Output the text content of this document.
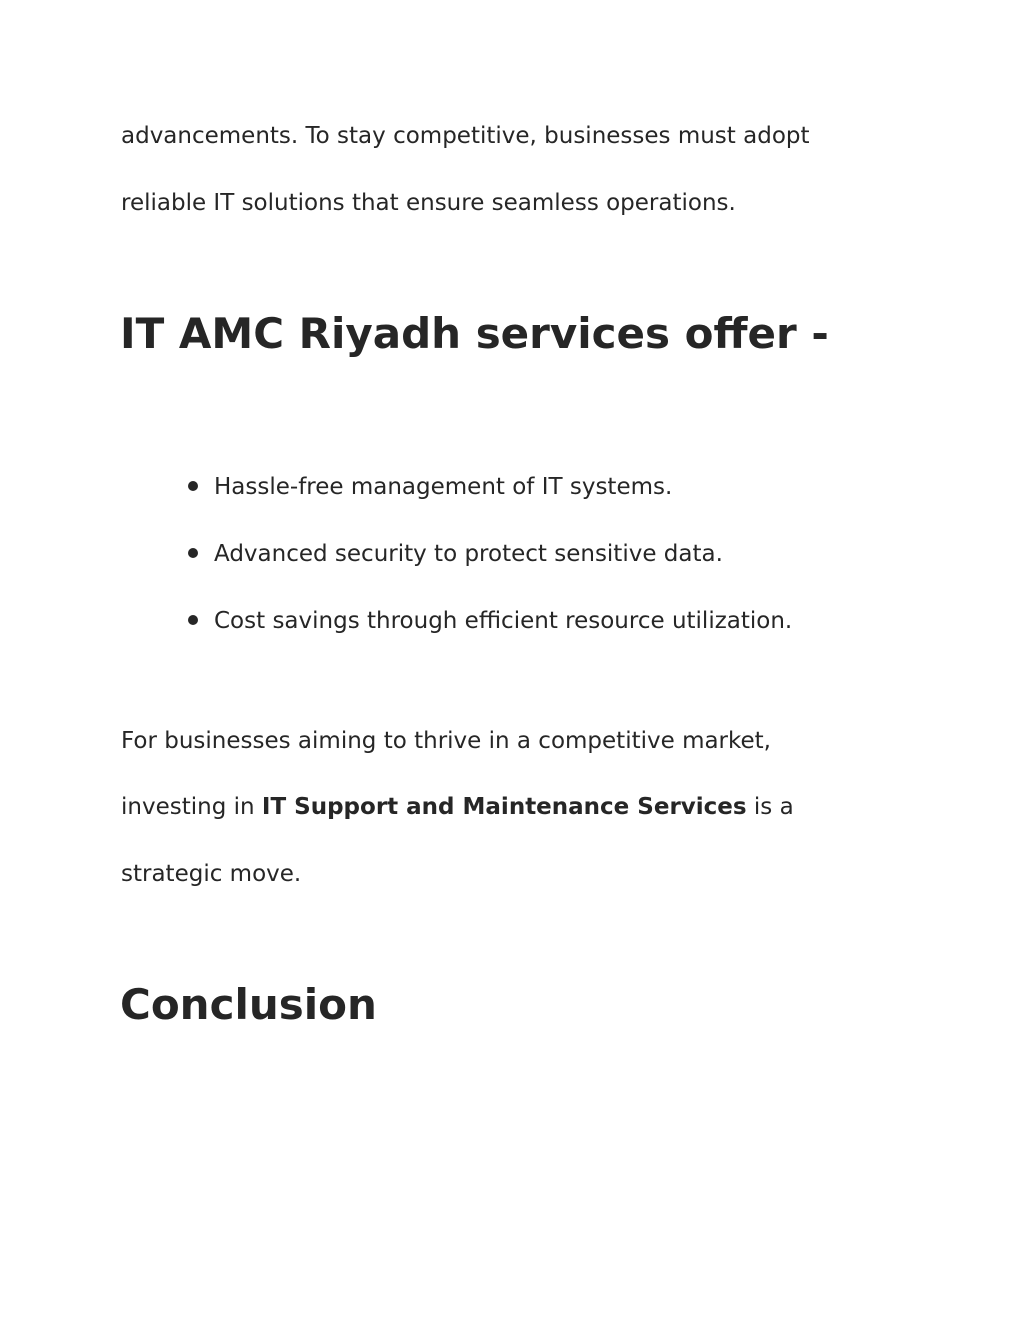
advancements. To stay competitive, businesses must adopt
reliable IT solutions that ensure seamless operations.
IT AMC Riyadh services offer -
Hassle-free management of IT systems.
Advanced security to protect sensitive data.
Cost savings through efficient resource utilization.
For businesses aiming to thrive in a competitive market,
investing in IT Support and Maintenance Services is a
strategic move.
Conclusion
